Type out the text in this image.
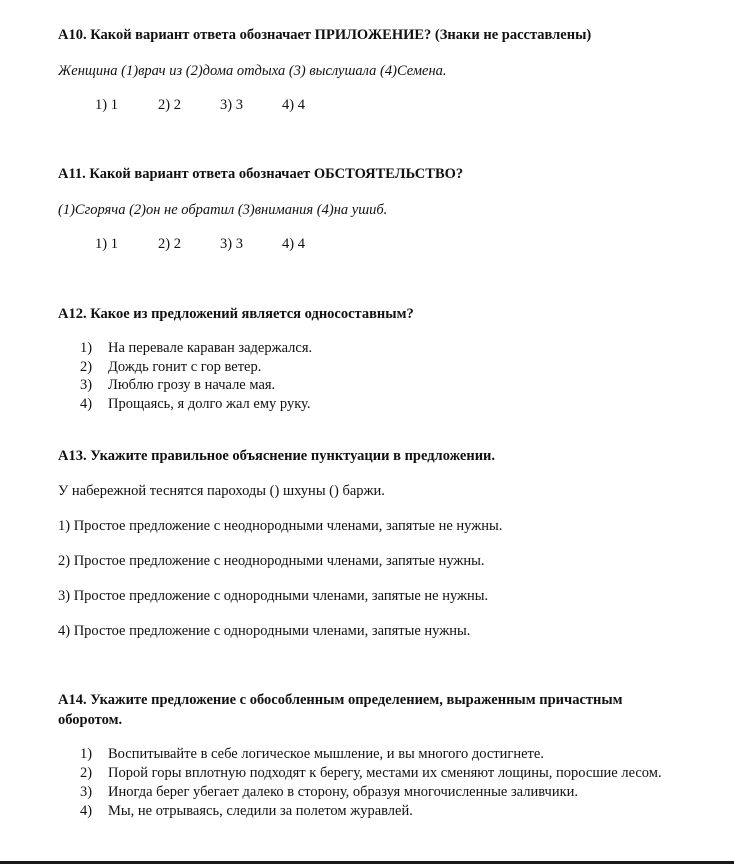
А10. Какой вариант ответа обозначает ПРИЛОЖЕНИЕ? (Знаки не расставлены)
Женщина (1)врач из (2)дома отдыха (3) выслушала (4)Семена.
1) 1	2) 2	3) 3	4) 4
А11. Какой вариант ответа обозначает ОБСТОЯТЕЛЬСТВО?
(1)Сгоряча (2)он не обратил (3)внимания (4)на ушиб.
1) 1	2) 2	3) 3	4) 4
А12. Какое из предложений является односоставным?
1)	На перевале караван задержался.
2)	Дождь гонит с гор ветер.
3)	Люблю грозу в начале мая.
4)	Прощаясь, я долго жал ему руку.
А13. Укажите правильное объяснение пунктуации в предложении.
У набережной теснятся пароходы () шхуны () баржи.
1) Простое предложение с неоднородными членами, запятые не нужны.
2) Простое предложение с неоднородными членами, запятые нужны.
3) Простое предложение с однородными членами, запятые не нужны.
4) Простое предложение с однородными членами, запятые нужны.
А14. Укажите предложение с обособленным определением, выраженным причастным оборотом.
1)	Воспитывайте в себе логическое мышление, и вы многого достигнете.
2)	Порой горы вплотную подходят к берегу, местами их сменяют лощины, поросшие лесом.
3)	Иногда берег убегает далеко в сторону, образуя многочисленные заливчики.
4)	Мы, не отрываясь, следили за полетом журавлей.
